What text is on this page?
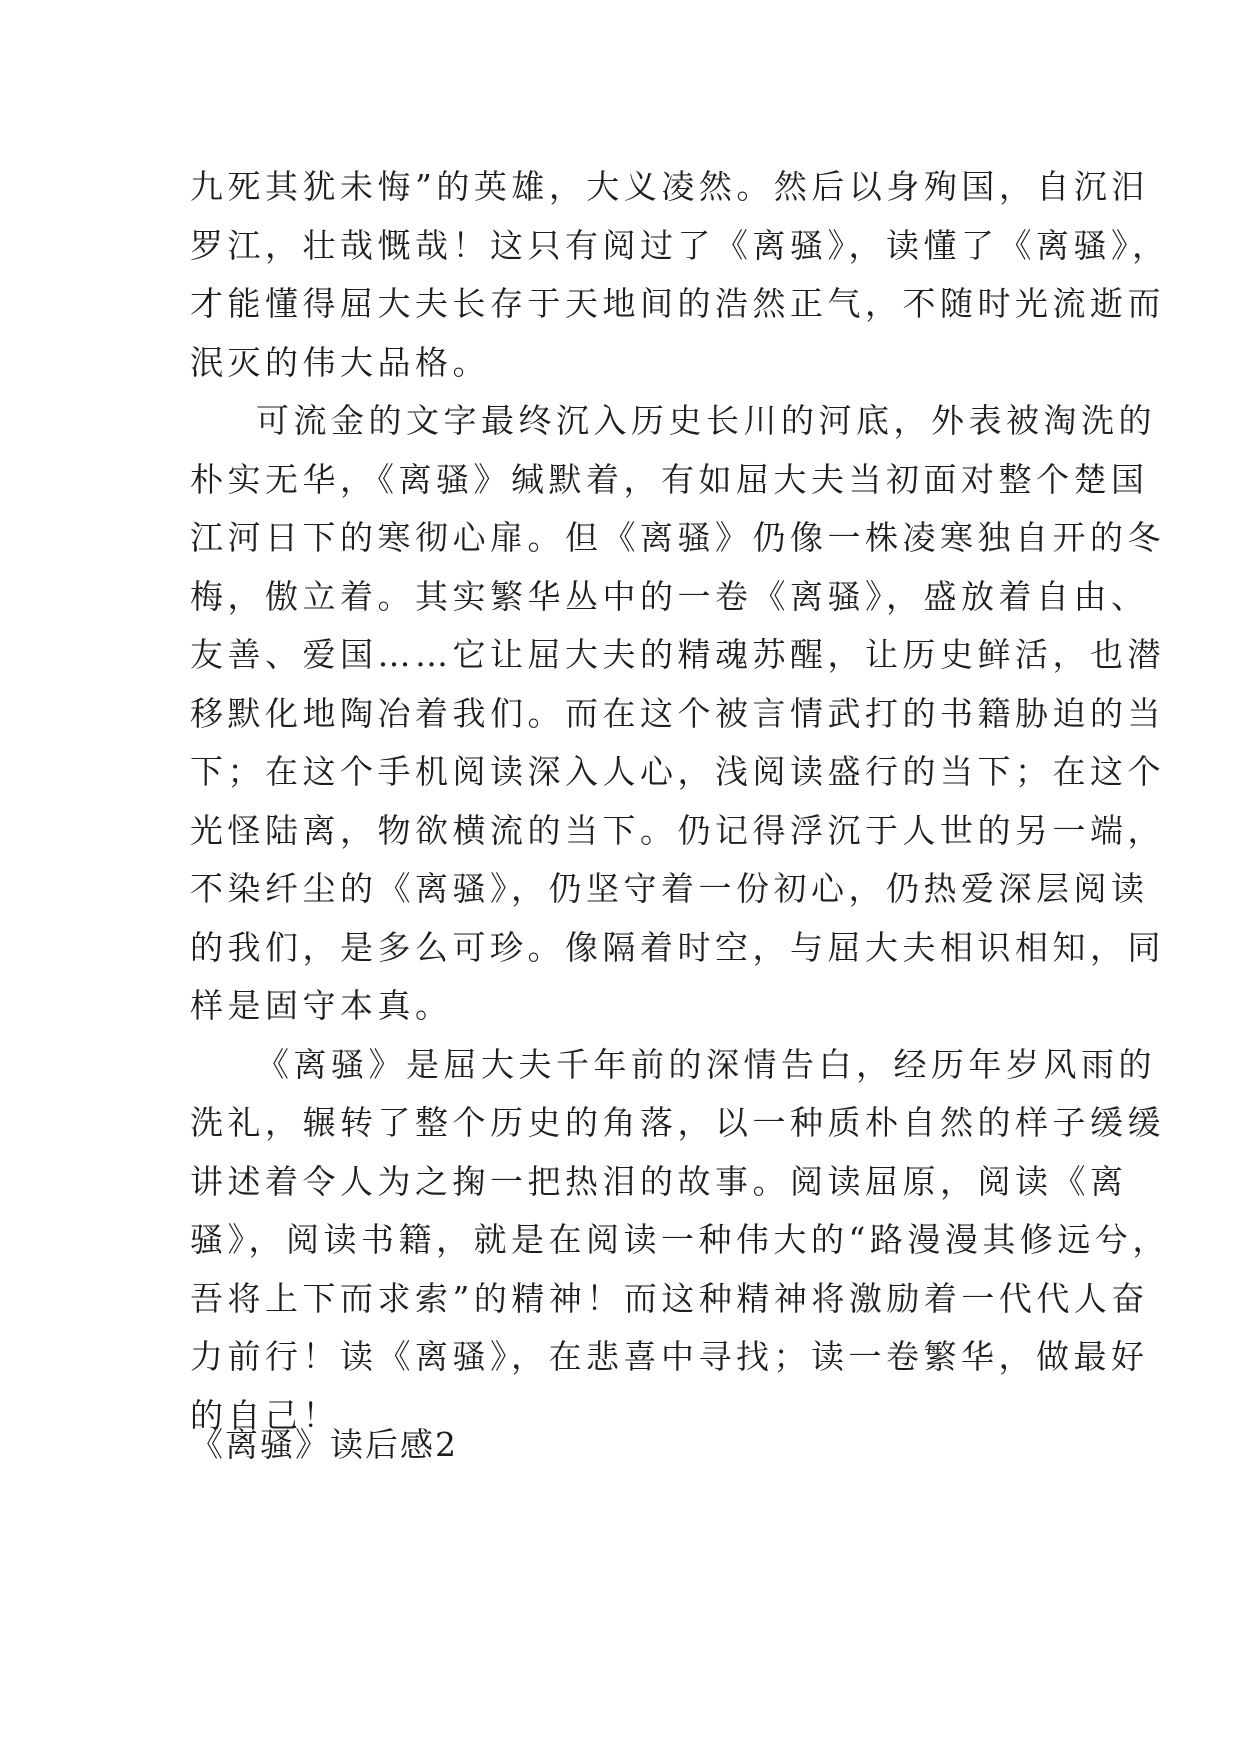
九死其犹未悔”的英雄，大义凌然。然后以身殉国，自沉汨
罗江，壮哉慨哉！这只有阅过了《离骚》，读懂了《离骚》，
才能懂得屈大夫长存于天地间的浩然正气，不随时光流逝而
泯灭的伟大品格。
可流金的文字最终沉入历史长川的河底，外表被淘洗的
朴实无华，《离骚》缄默着，有如屈大夫当初面对整个楚国
江河日下的寒彻心扉。但《离骚》仍像一株凌寒独自开的冬
梅，傲立着。其实繁华丛中的一卷《离骚》，盛放着自由、
友善、爱国……它让屈大夫的精魂苏醒，让历史鲜活，也潜
移默化地陶冶着我们。而在这个被言情武打的书籍胁迫的当
下；在这个手机阅读深入人心，浅阅读盛行的当下；在这个
光怪陆离，物欲横流的当下。仍记得浮沉于人世的另一端，
不染纤尘的《离骚》，仍坚守着一份初心，仍热爱深层阅读
的我们，是多么可珍。像隔着时空，与屈大夫相识相知，同
样是固守本真。
《离骚》是屈大夫千年前的深情告白，经历年岁风雨的
洗礼，辗转了整个历史的角落，以一种质朴自然的样子缓缓
讲述着令人为之掬一把热泪的故事。阅读屈原，阅读《离
骚》，阅读书籍，就是在阅读一种伟大的“路漫漫其修远兮，
吾将上下而求索”的精神！而这种精神将激励着一代代人奋
力前行！读《离骚》，在悲喜中寻找；读一卷繁华，做最好
的自己！
《离骚》读后感2
